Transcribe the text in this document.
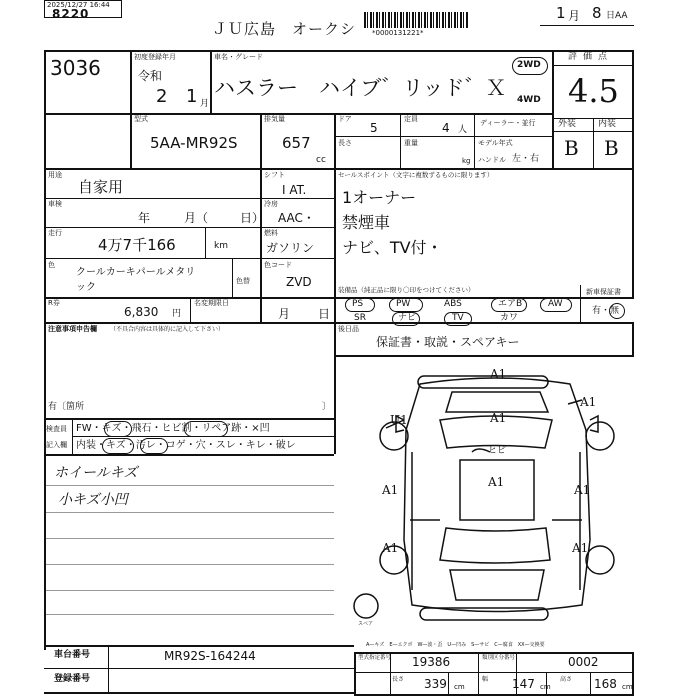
2025/12/27 16:44
8220
ＪＵ広島　オークシ *0000131221*
1 月 8 日AA
3036	初度登録年月
令和
2 1 月
車名・グレード
ハスラー　ハイブ゛リッド゛Ｘ
2WD
4WD
評価点
4.5
型式
5AA-MR92S
排気量
657
cc
ドア
5
定員
4 人
ディーラー・並行
長さ	重量
kg
モデル年式
ハンドル 左・右
外装 内装
B B
用途
自家用
シフト
I AT.
車検
年	月（	日）
冷房
AAC・
走行
4万7千166	km
燃料
ガソリン
色
クールカーキパールメタリ
ック
色替
色コード
ZVD
R券
6,830 円
名変期限日
月 日
注意事項申告欄 （不具合内容は具体的に記入して下さい）
有〔箇所	〕
検査員
記入欄
FW・キズ・飛石・ヒビ割・リペア跡・×凹
内装・キズ・汚レ・コゲ・穴・スレ・キレ・破レ
ホイールキズ
小キズ小凹
セールスポイント（文字に複数ずるものに限ります）
1オーナー
禁煙車
ナビ、TV付・
装備品（純正品に限り〇印をつけてください）
PS	PW	ABS	エアB	AW
SR	ナビ	TV	カワ
新車保証書
有・無
後日品
保証書・取説・スペアキー
A1
A1
A1
U1
A1
A1	A1
A1	A1
ヒビ
スペア
A—キズ　E—エクボ　W—波・歪　U—凹み　S—サビ　C—腐食　XX—交換要
車台番号	MR92S-164244
登録番号
型式指定番号 19386	類別区分番号	0002
長さ 339 cm
幅 147 cm
高さ 168 cm
